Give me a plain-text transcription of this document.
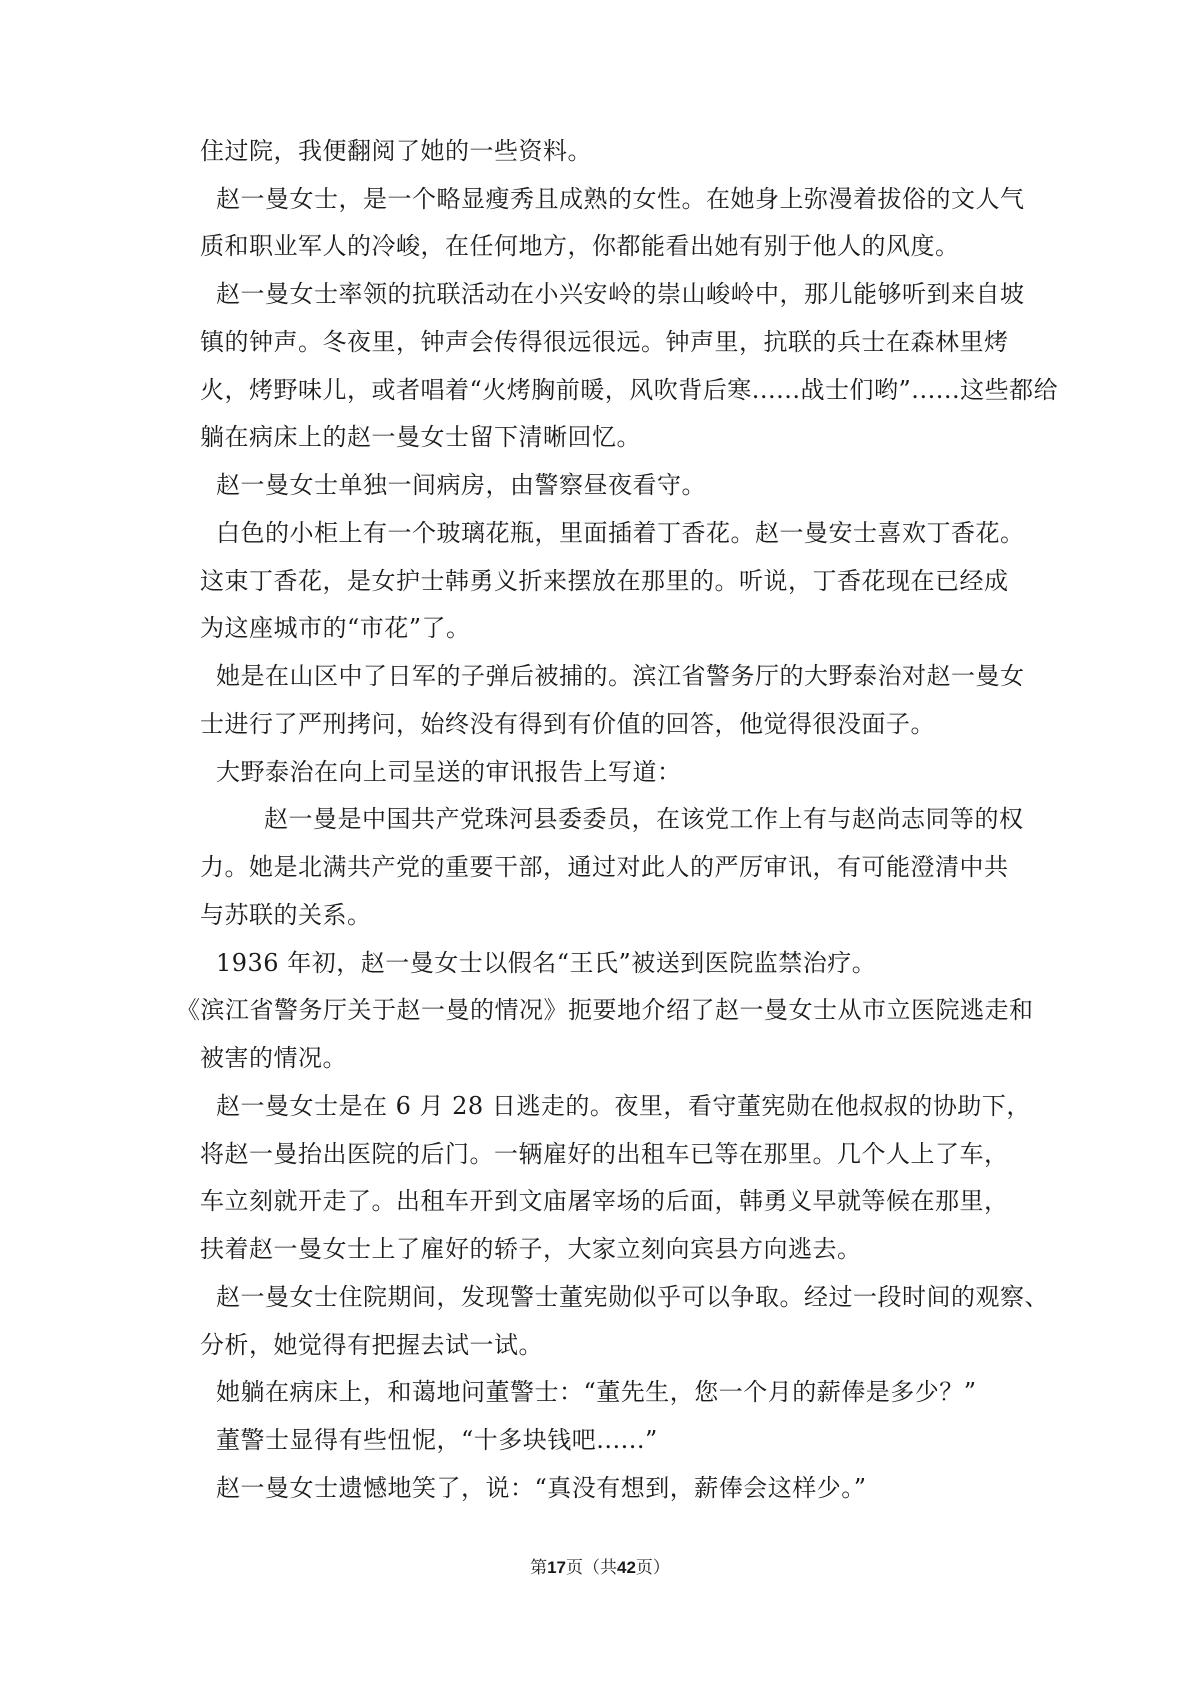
住过院，我便翻阅了她的一些资料。
赵一曼女士，是一个略显瘦秀且成熟的女性。在她身上弥漫着拔俗的文人气
质和职业军人的冷峻，在任何地方，你都能看出她有别于他人的风度。
赵一曼女士率领的抗联活动在小兴安岭的崇山峻岭中，那儿能够听到来自坡
镇的钟声。冬夜里，钟声会传得很远很远。钟声里，抗联的兵士在森林里烤
火，烤野味儿，或者唱着“火烤胸前暖，风吹背后寒......战士们哟”......这些都给
躺在病床上的赵一曼女士留下清晰回忆。
赵一曼女士单独一间病房，由警察昼夜看守。
白色的小柜上有一个玻璃花瓶，里面插着丁香花。赵一曼安士喜欢丁香花。
这束丁香花，是女护士韩勇义折来摆放在那里的。听说，丁香花现在已经成
为这座城市的“市花”了。
她是在山区中了日军的子弹后被捕的。滨江省警务厅的大野泰治对赵一曼女
士进行了严刑拷问，始终没有得到有价值的回答，他觉得很没面子。
大野泰治在向上司呈送的审讯报告上写道：
赵一曼是中国共产党珠河县委委员，在该党工作上有与赵尚志同等的权
力。她是北满共产党的重要干部，通过对此人的严厉审讯，有可能澄清中共
与苏联的关系。
1936 年初，赵一曼女士以假名“王氏”被送到医院监禁治疗。
《滨江省警务厅关于赵一曼的情况》扼要地介绍了赵一曼女士从市立医院逃走和
被害的情况。
赵一曼女士是在 6 月 28 日逃走的。夜里，看守董宪勋在他叔叔的协助下，
将赵一曼抬出医院的后门。一辆雇好的出租车已等在那里。几个人上了车，
车立刻就开走了。出租车开到文庙屠宰场的后面，韩勇义早就等候在那里，
扶着赵一曼女士上了雇好的轿子，大家立刻向宾县方向逃去。
赵一曼女士住院期间，发现警士董宪勋似乎可以争取。经过一段时间的观察、
分析，她觉得有把握去试一试。
她躺在病床上，和蔼地问董警士：“董先生，您一个月的薪俸是多少？”
董警士显得有些忸怩，“十多块钱吧......”
赵一曼女士遗憾地笑了，说：“真没有想到，薪俸会这样少。”
第17页（共42页）
